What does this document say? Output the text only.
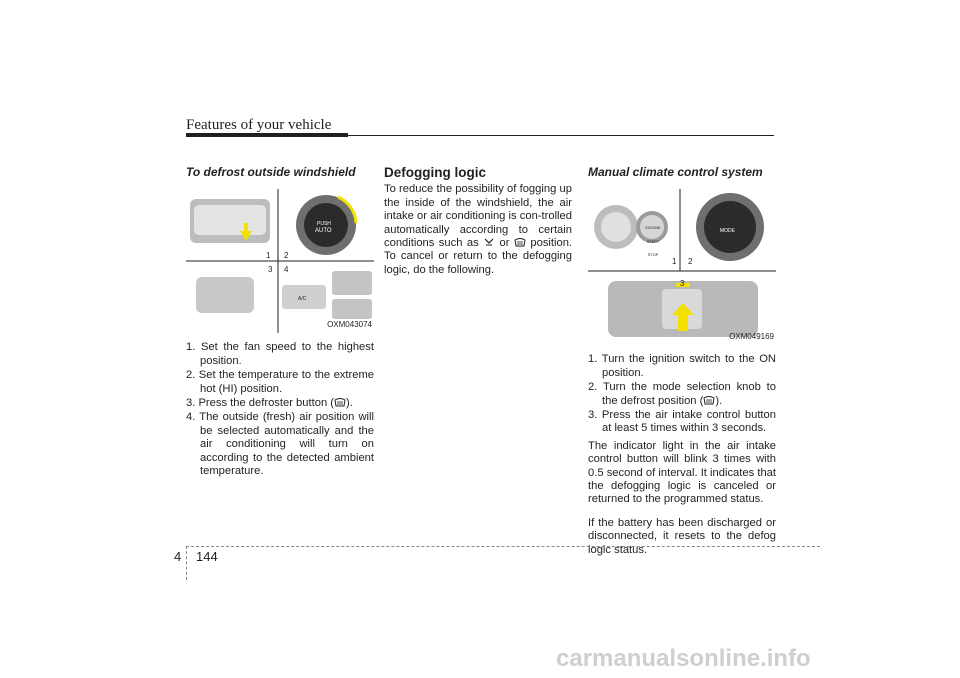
Features of your vehicle
To defrost outside windshield
1 2
3 4
PUSH
AUTO
A/C
OXM043074
1. Set the fan speed to the highest position.
2. Set the temperature to the extreme hot (HI) position.
3. Press the defroster button ( ).
4. The outside (fresh) air position will be selected automatically and the air conditioning will turn on according to the detected ambient temperature.
Defogging logic
To reduce the possibility of fogging up the inside of the windshield, the air intake or air conditioning is con-trolled automatically according to certain conditions such as or position. To cancel or return to the defogging logic, do the following.
Manual climate control system
1 2
3
ENGINE START STOP
MODE
OXM049169
1. Turn the ignition switch to the ON position.
2. Turn the mode selection knob to the defrost position ( ).
3. Press the air intake control button at least 5 times within 3 seconds.
The indicator light in the air intake control button will blink 3 times with 0.5 second of interval. It indicates that the defogging logic is canceled or returned to the programmed status.
If the battery has been discharged or disconnected, it resets to the defog logic status.
4 144
carmanualsonline.info
